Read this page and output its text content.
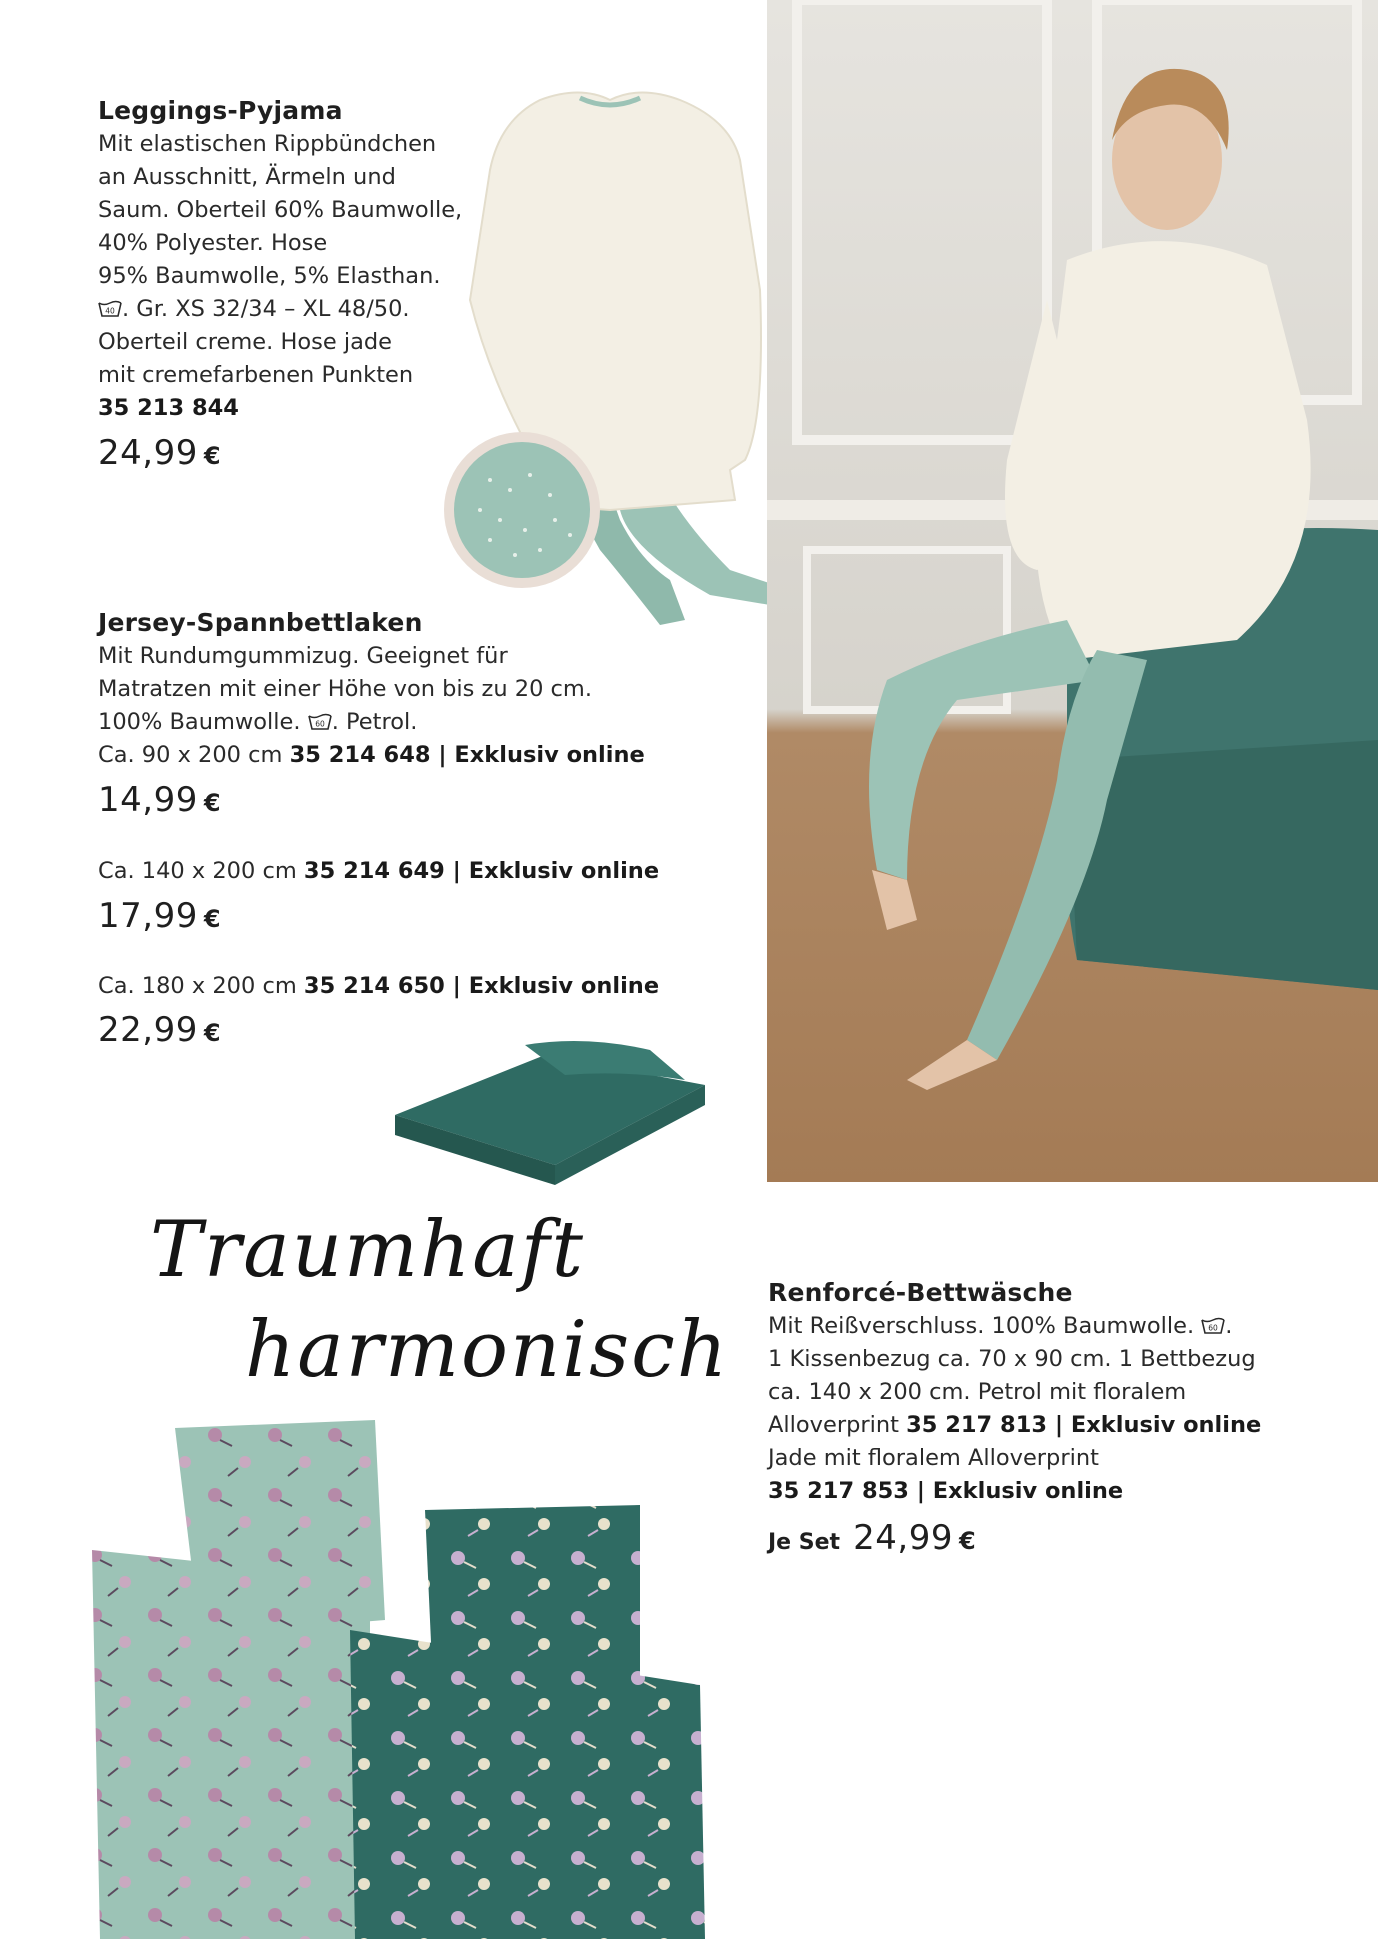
Leggings-Pyjama
Mit elastischen Rippbündchen
an Ausschnitt, Ärmeln und
Saum. Oberteil 60% Baumwolle,
40% Polyester. Hose
95% Baumwolle, 5% Elasthan.
40 . Gr. XS 32/34 – XL 48/50.
Oberteil creme. Hose jade
mit cremefarbenen Punkten
35 213 844
24,99 €
Jersey-Spannbettlaken
Mit Rundumgummizug. Geeignet für
Matratzen mit einer Höhe von bis zu 20 cm.
100% Baumwolle. 60 . Petrol.
Ca. 90 x 200 cm 35 214 648 | Exklusiv online
14,99 €
Ca. 140 x 200 cm 35 214 649 | Exklusiv online
17,99 €
Ca. 180 x 200 cm 35 214 650 | Exklusiv online
22,99 €
Traumhaft
harmonisch
Renforcé-Bettwäsche
Mit Reißverschluss. 100% Baumwolle. 60 .
1 Kissenbezug ca. 70 x 90 cm. 1 Bettbezug
ca. 140 x 200 cm. Petrol mit floralem
Alloverprint 35 217 813 | Exklusiv online
Jade mit floralem Alloverprint
35 217 853 | Exklusiv online
Je Set 24,99 €
